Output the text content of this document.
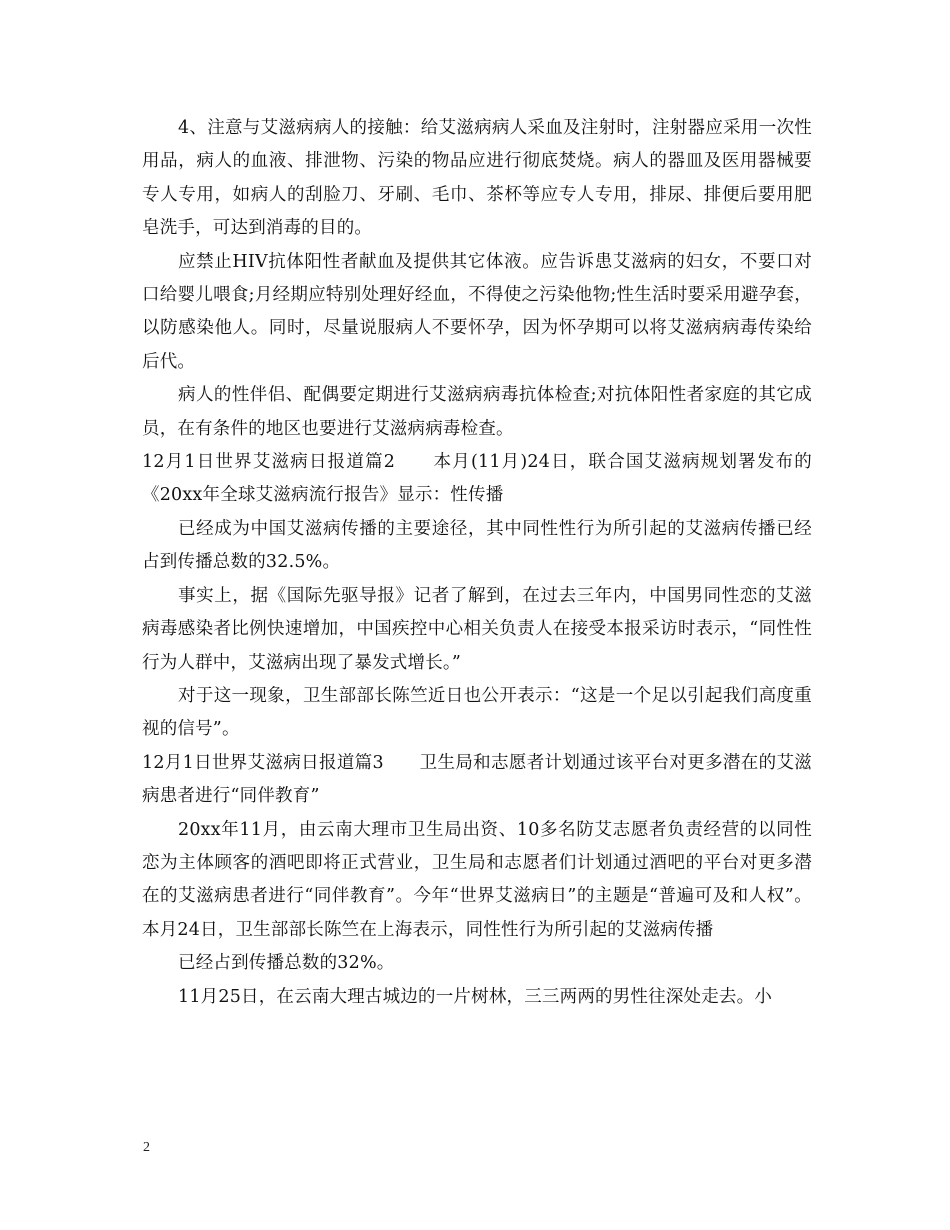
4、注意与艾滋病病人的接触：给艾滋病病人采血及注射时，注射器应采用一次性用品，病人的血液、排泄物、污染的物品应进行彻底焚烧。病人的器皿及医用器械要专人专用，如病人的刮脸刀、牙刷、毛巾、茶杯等应专人专用，排尿、排便后要用肥皂洗手，可达到消毒的目的。

应禁止HIV抗体阳性者献血及提供其它体液。应告诉患艾滋病的妇女，不要口对口给婴儿喂食;月经期应特别处理好经血，不得使之污染他物;性生活时要采用避孕套，以防感染他人。同时，尽量说服病人不要怀孕，因为怀孕期可以将艾滋病病毒传染给后代。

病人的性伴侣、配偶要定期进行艾滋病病毒抗体检查;对抗体阳性者家庭的其它成员，在有条件的地区也要进行艾滋病病毒检查。

12月1日世界艾滋病日报道篇2　　本月(11月)24日，联合国艾滋病规划署发布的《20xx年全球艾滋病流行报告》显示：性传播

已经成为中国艾滋病传播的主要途径，其中同性性行为所引起的艾滋病传播已经占到传播总数的32.5%。

事实上，据《国际先驱导报》记者了解到，在过去三年内，中国男同性恋的艾滋病毒感染者比例快速增加，中国疾控中心相关负责人在接受本报采访时表示，“同性性行为人群中，艾滋病出现了暴发式增长。”

对于这一现象，卫生部部长陈竺近日也公开表示：“这是一个足以引起我们高度重视的信号”。

12月1日世界艾滋病日报道篇3　　卫生局和志愿者计划通过该平台对更多潜在的艾滋病患者进行“同伴教育”

20xx年11月，由云南大理市卫生局出资、10多名防艾志愿者负责经营的以同性恋为主体顾客的酒吧即将正式营业，卫生局和志愿者们计划通过酒吧的平台对更多潜在的艾滋病患者进行“同伴教育”。今年“世界艾滋病日”的主题是“普遍可及和人权”。本月24日，卫生部部长陈竺在上海表示，同性性行为所引起的艾滋病传播

已经占到传播总数的32%。

11月25日，在云南大理古城边的一片树林，三三两两的男性往深处走去。小

2
